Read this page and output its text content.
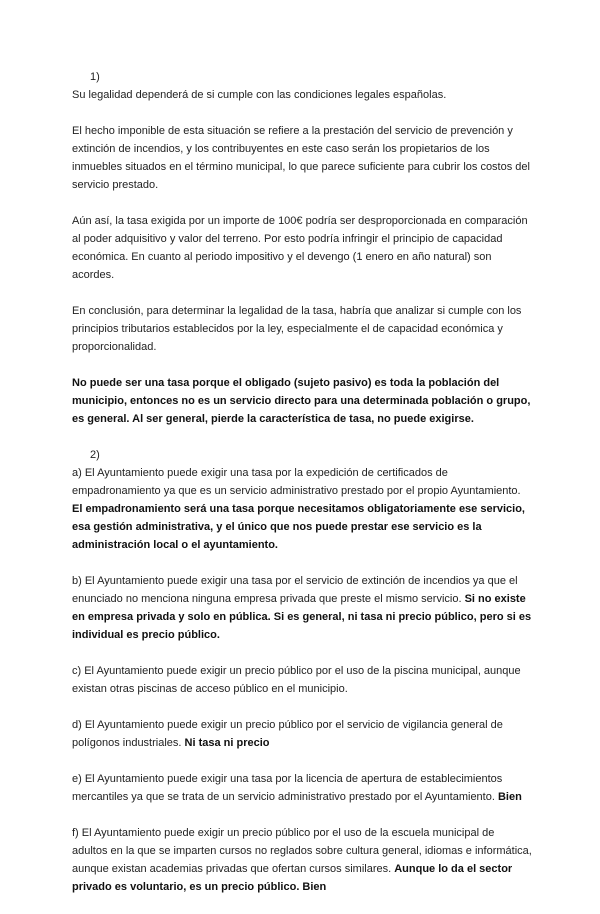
1)

Su legalidad dependerá de si cumple con las condiciones legales españolas.

El hecho imponible de esta situación se refiere a la prestación del servicio de prevención y extinción de incendios, y los contribuyentes en este caso serán los propietarios de los inmuebles situados en el término municipal, lo que parece suficiente para cubrir los costos del servicio prestado.

Aún así, la tasa exigida por un importe de 100€ podría ser desproporcionada en comparación al poder adquisitivo y valor del terreno. Por esto podría infringir el principio de capacidad económica. En cuanto al periodo impositivo y el devengo (1 enero en año natural) son acordes.

En conclusión, para determinar la legalidad de la tasa, habría que analizar si cumple con los principios tributarios establecidos por la ley, especialmente el de capacidad económica y proporcionalidad.

No puede ser una tasa porque el obligado (sujeto pasivo) es toda la población del municipio, entonces no es un servicio directo para una determinada población o grupo, es general. Al ser general, pierde la característica de tasa, no puede exigirse.

2)

a) El Ayuntamiento puede exigir una tasa por la expedición de certificados de empadronamiento ya que es un servicio administrativo prestado por el propio Ayuntamiento.

El empadronamiento será una tasa porque necesitamos obligatoriamente ese servicio, esa gestión administrativa, y el único que nos puede prestar ese servicio es la administración local o el ayuntamiento.

b) El Ayuntamiento puede exigir una tasa por el servicio de extinción de incendios ya que el enunciado no menciona ninguna empresa privada que preste el mismo servicio. Si no existe en empresa privada y solo en pública. Si es general, ni tasa ni precio público, pero si es individual es precio público.

c) El Ayuntamiento puede exigir un precio público por el uso de la piscina municipal, aunque existan otras piscinas de acceso público en el municipio.

d) El Ayuntamiento puede exigir un precio público por el servicio de vigilancia general de polígonos industriales. Ni tasa ni precio

e) El Ayuntamiento puede exigir una tasa por la licencia de apertura de establecimientos mercantiles ya que se trata de un servicio administrativo prestado por el Ayuntamiento. Bien

f) El Ayuntamiento puede exigir un precio público por el uso de la escuela municipal de adultos en la que se imparten cursos no reglados sobre cultura general, idiomas e informática, aunque existan academias privadas que ofertan cursos similares. Aunque lo da el sector privado es voluntario, es un precio público. Bien
